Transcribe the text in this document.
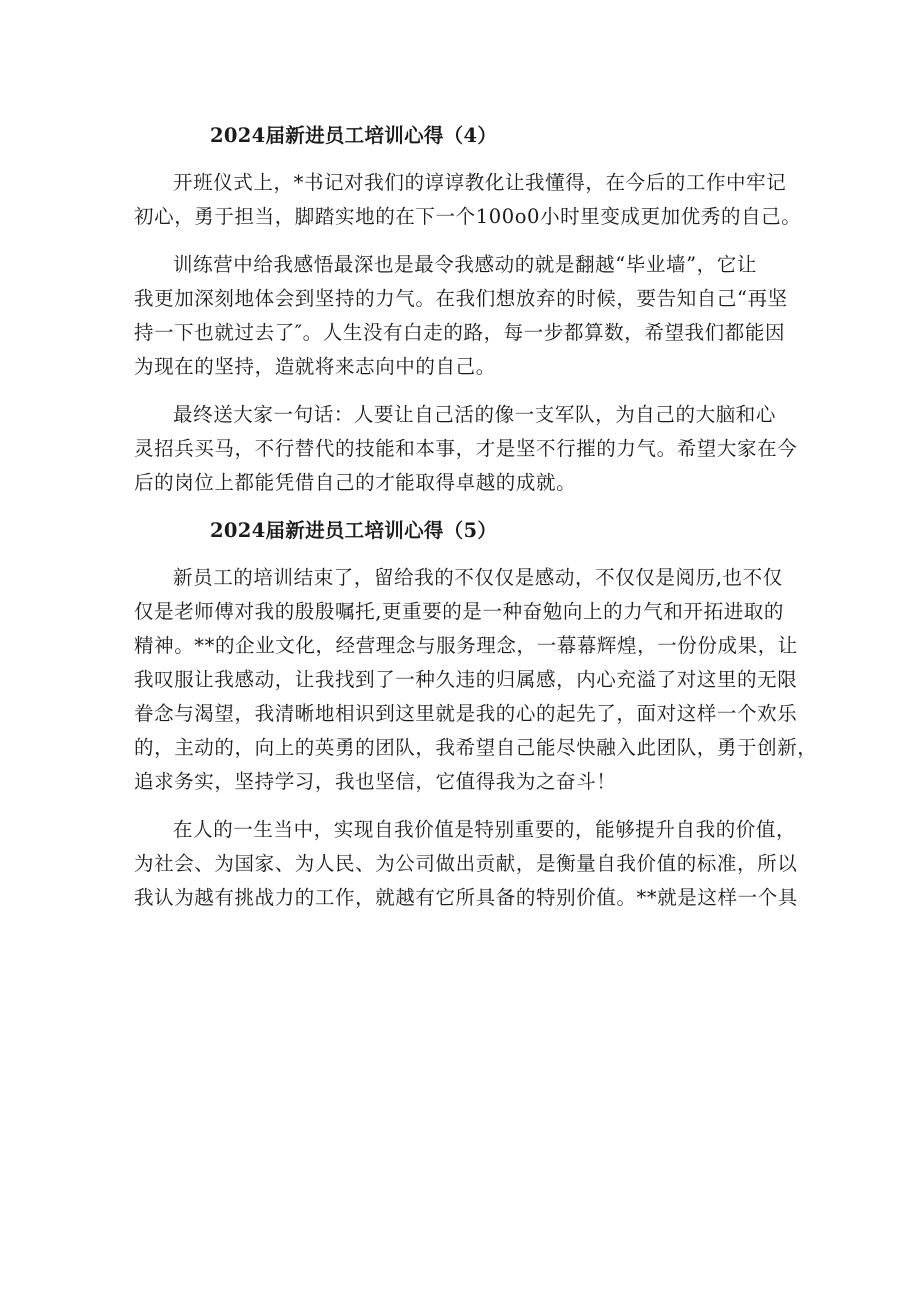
2024届新进员工培训心得（4）

开班仪式上，*书记对我们的谆谆教化让我懂得，在今后的工作中牢记
初心，勇于担当，脚踏实地的在下一个100o0小时里变成更加优秀的自己。

训练营中给我感悟最深也是最令我感动的就是翻越“毕业墙”，它让
我更加深刻地体会到坚持的力气。在我们想放弃的时候，要告知自己“再坚
持一下也就过去了″。人生没有白走的路，每一步都算数，希望我们都能因
为现在的坚持，造就将来志向中的自己。

最终送大家一句话：人要让自己活的像一支军队，为自己的大脑和心
灵招兵买马，不行替代的技能和本事，才是坚不行摧的力气。希望大家在今
后的岗位上都能凭借自己的才能取得卓越的成就。

2024届新进员工培训心得（5）

新员工的培训结束了，留给我的不仅仅是感动，不仅仅是阅历,也不仅
仅是老师傅对我的殷殷嘱托,更重要的是一种奋勉向上的力气和开拓进取的
精神。**的企业文化，经营理念与服务理念，一幕幕辉煌，一份份成果，让
我叹服让我感动，让我找到了一种久违的归属感，内心充溢了对这里的无限
眷念与渴望，我清晰地相识到这里就是我的心的起先了，面对这样一个欢乐
的，主动的，向上的英勇的团队，我希望自己能尽快融入此团队，勇于创新，
追求务实，坚持学习，我也坚信，它值得我为之奋斗！

在人的一生当中，实现自我价值是特别重要的，能够提升自我的价值，
为社会、为国家、为人民、为公司做出贡献，是衡量自我价值的标准，所以
我认为越有挑战力的工作，就越有它所具备的特别价值。**就是这样一个具
